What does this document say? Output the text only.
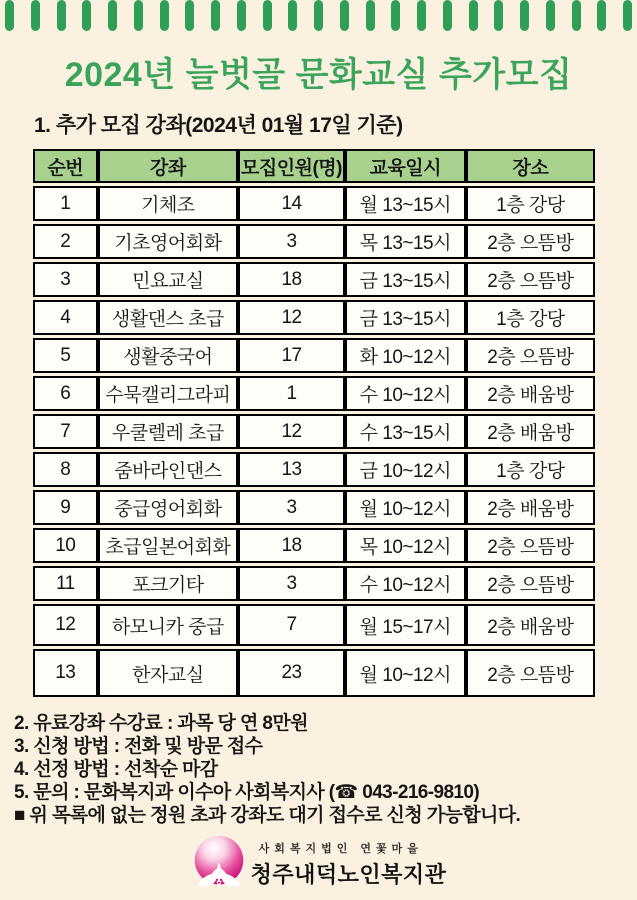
2024년 늘벗골 문화교실 추가모집
1. 추가 모집 강좌(2024년 01월 17일 기준)
순번	강좌	모집인원(명)	교육일시	장소
1	기체조	14	월 13~15시	1층 강당
2	기초영어회화	3	목 13~15시	2층 으뜸방
3	민요교실	18	금 13~15시	2층 으뜸방
4	생활댄스 초급	12	금 13~15시	1층 강당
5	생활중국어	17	화 10~12시	2층 으뜸방
6	수묵캘리그라피	1	수 10~12시	2층 배움방
7	우쿨렐레 초급	12	수 13~15시	2층 배움방
8	줌바라인댄스	13	금 10~12시	1층 강당
9	중급영어회화	3	월 10~12시	2층 배움방
10	초급일본어회화	18	목 10~12시	2층 으뜸방
11	포크기타	3	수 10~12시	2층 으뜸방
12	하모니카 중급	7	월 15~17시	2층 배움방
13	한자교실	23	월 10~12시	2층 으뜸방
2. 유료강좌 수강료 : 과목 당 연 8만원
3. 신청 방법 : 전화 및 방문 접수
4. 선정 방법 : 선착순 마감
5. 문의 : 문화복지과 이수아 사회복지사 (☎ 043-216-9810)
■ 위 목록에 없는 정원 초과 강좌도 대기 접수로 신청 가능합니다.
사회복지법인 연꽃마을
청주내덕노인복지관
